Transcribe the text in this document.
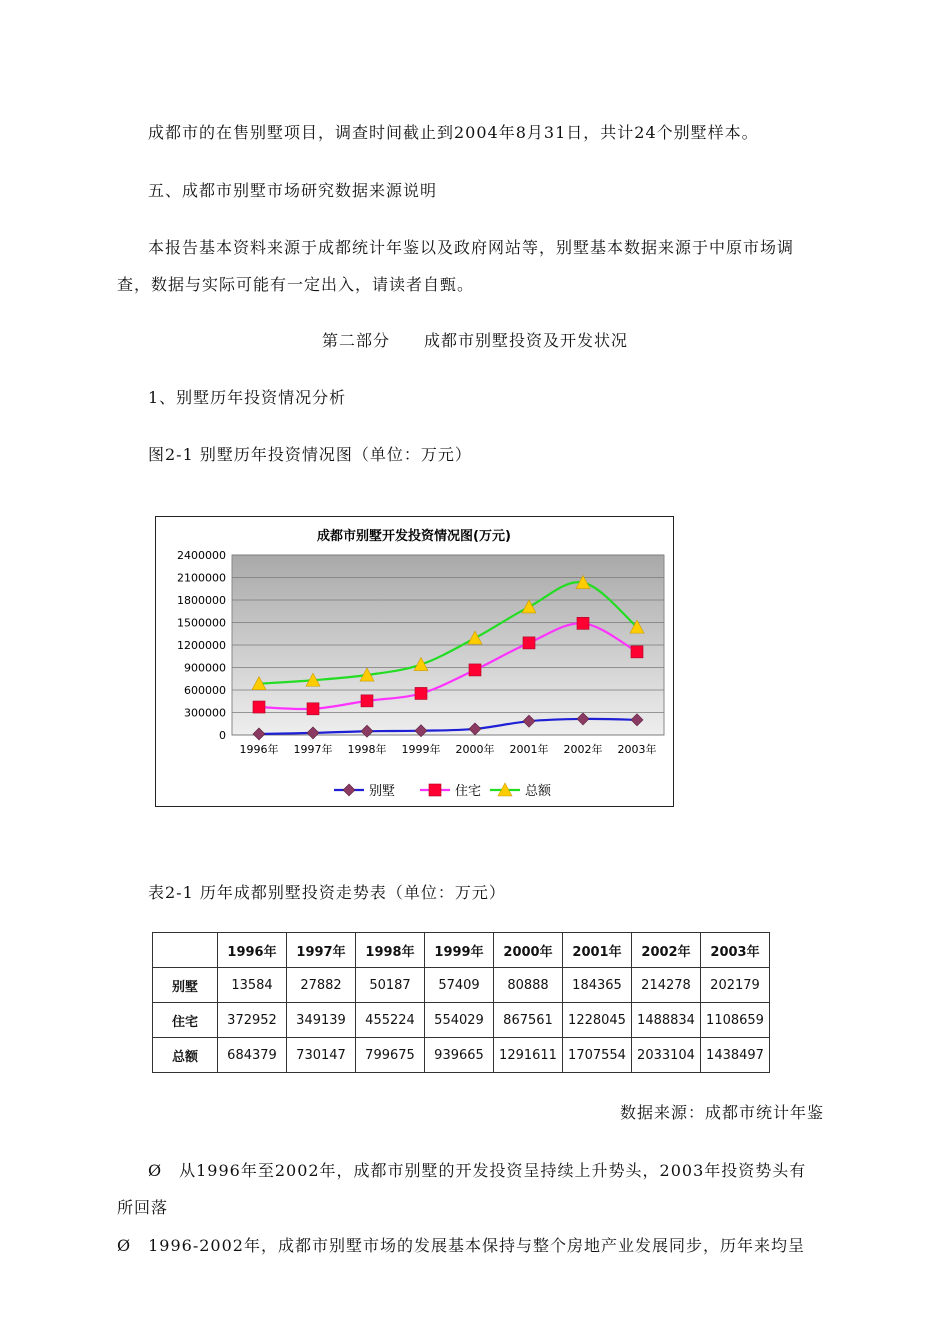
成都市的在售别墅项目，调查时间截止到2004年8月31日，共计24个别墅样本。
五、成都市别墅市场研究数据来源说明
本报告基本资料来源于成都统计年鉴以及政府网站等，别墅基本数据来源于中原市场调
查，数据与实际可能有一定出入，请读者自甄。
第二部分　　成都市别墅投资及开发状况
1、别墅历年投资情况分析
图2-1 别墅历年投资情况图（单位：万元）
成都市别墅开发投资情况图(万元)
0
300000
600000
900000
1200000
1500000
1800000
2100000
2400000
1996年 1997年 1998年 1999年 2000年 2001年 2002年 2003年
别墅	住宅	总额
表2-1 历年成都别墅投资走势表（单位：万元）
	1996年	1997年	1998年	1999年	2000年	2001年	2002年	2003年
别墅	13584	27882	50187	57409	80888	184365	214278	202179
住宅	372952	349139	455224	554029	867561	1228045	1488834	1108659
总额	684379	730147	799675	939665	1291611	1707554	2033104	1438497
数据来源：成都市统计年鉴
Ø　从1996年至2002年，成都市别墅的开发投资呈持续上升势头，2003年投资势头有
所回落
Ø　1996-2002年，成都市别墅市场的发展基本保持与整个房地产业发展同步，历年来均呈
